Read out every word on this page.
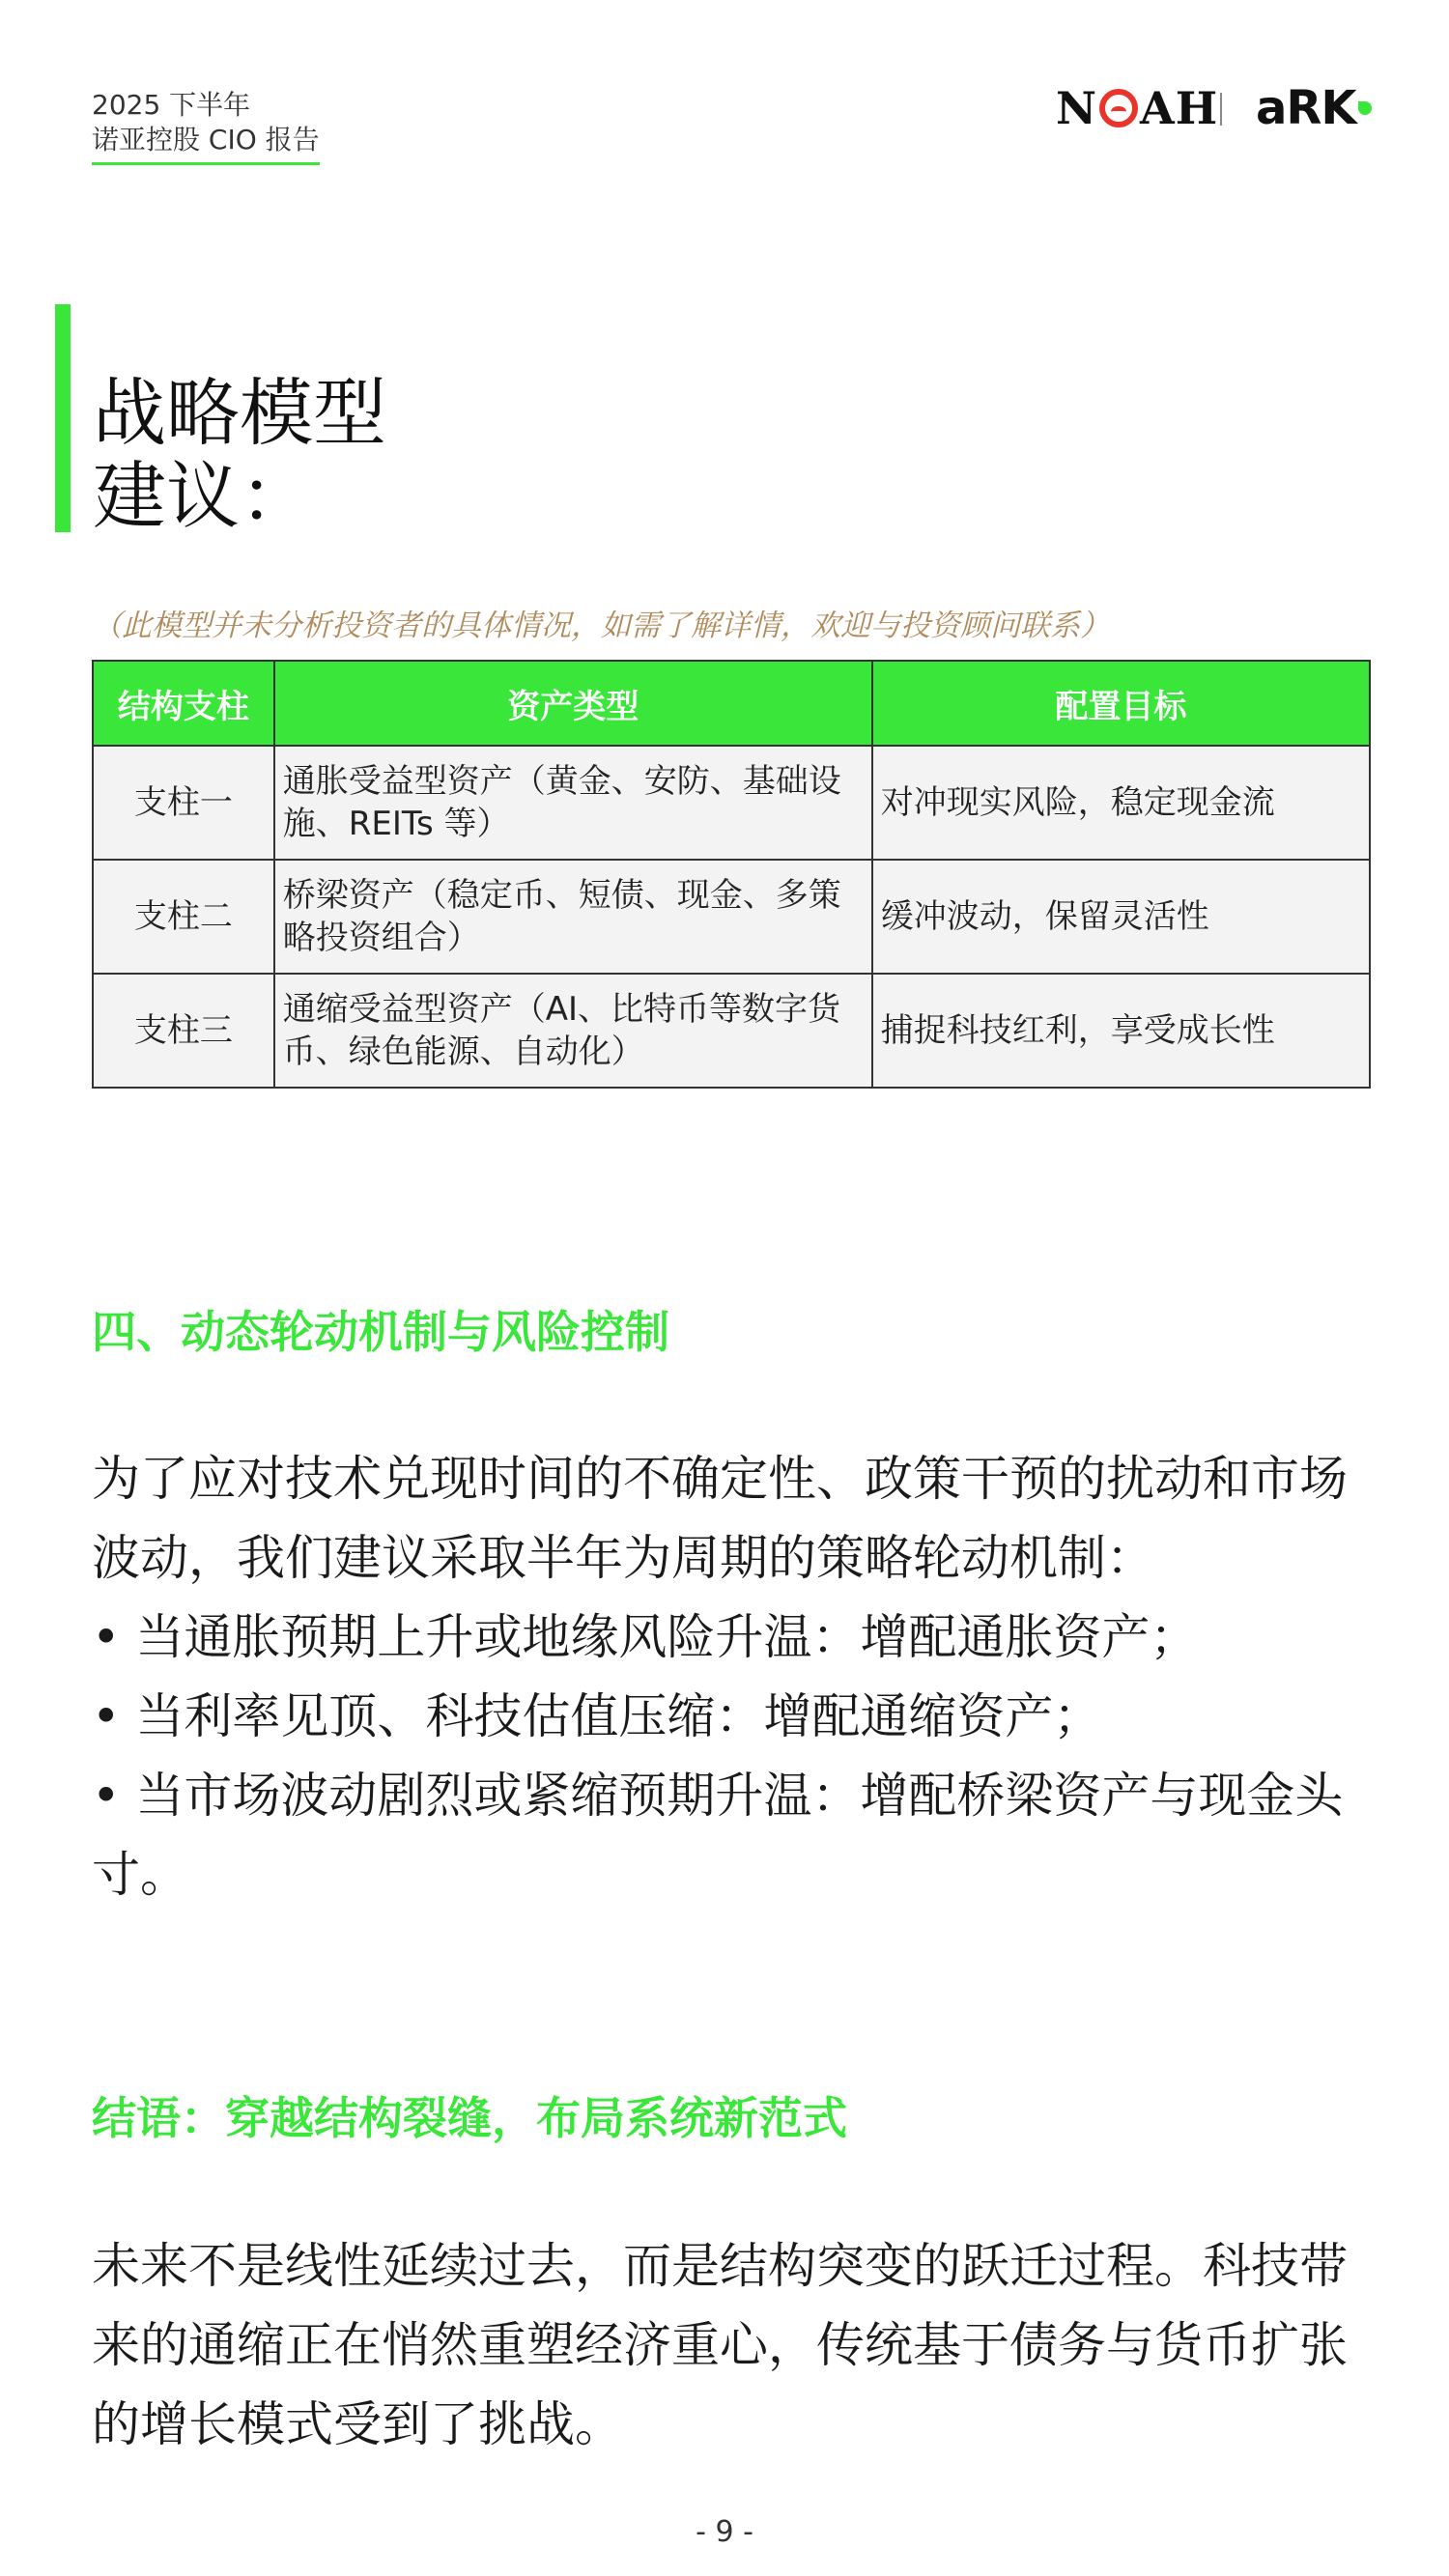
2025 下半年
诺亚控股 CIO 报告
N AH aRK
战略模型
建议：
（此模型并未分析投资者的具体情况，如需了解详情，欢迎与投资顾问联系）
结构支柱	资产类型	配置目标
支柱一	通胀受益型资产（黄金、安防、基础设施、REITs 等）	对冲现实风险，稳定现金流
支柱二	桥梁资产（稳定币、短债、现金、多策略投资组合）	缓冲波动，保留灵活性
支柱三	通缩受益型资产（AI、比特币等数字货币、绿色能源、自动化）	捕捉科技红利，享受成长性
四、动态轮动机制与风险控制

为了应对技术兑现时间的不确定性、政策干预的扰动和市场波动，我们建议采取半年为周期的策略轮动机制：

• 当通胀预期上升或地缘风险升温：增配通胀资产；
• 当利率见顶、科技估值压缩：增配通缩资产；
• 当市场波动剧烈或紧缩预期升温：增配桥梁资产与现金头寸。
结语：穿越结构裂缝，布局系统新范式

未来不是线性延续过去，而是结构突变的跃迁过程。科技带来的通缩正在悄然重塑经济重心，传统基于债务与货币扩张的增长模式受到了挑战。

- 9 -
